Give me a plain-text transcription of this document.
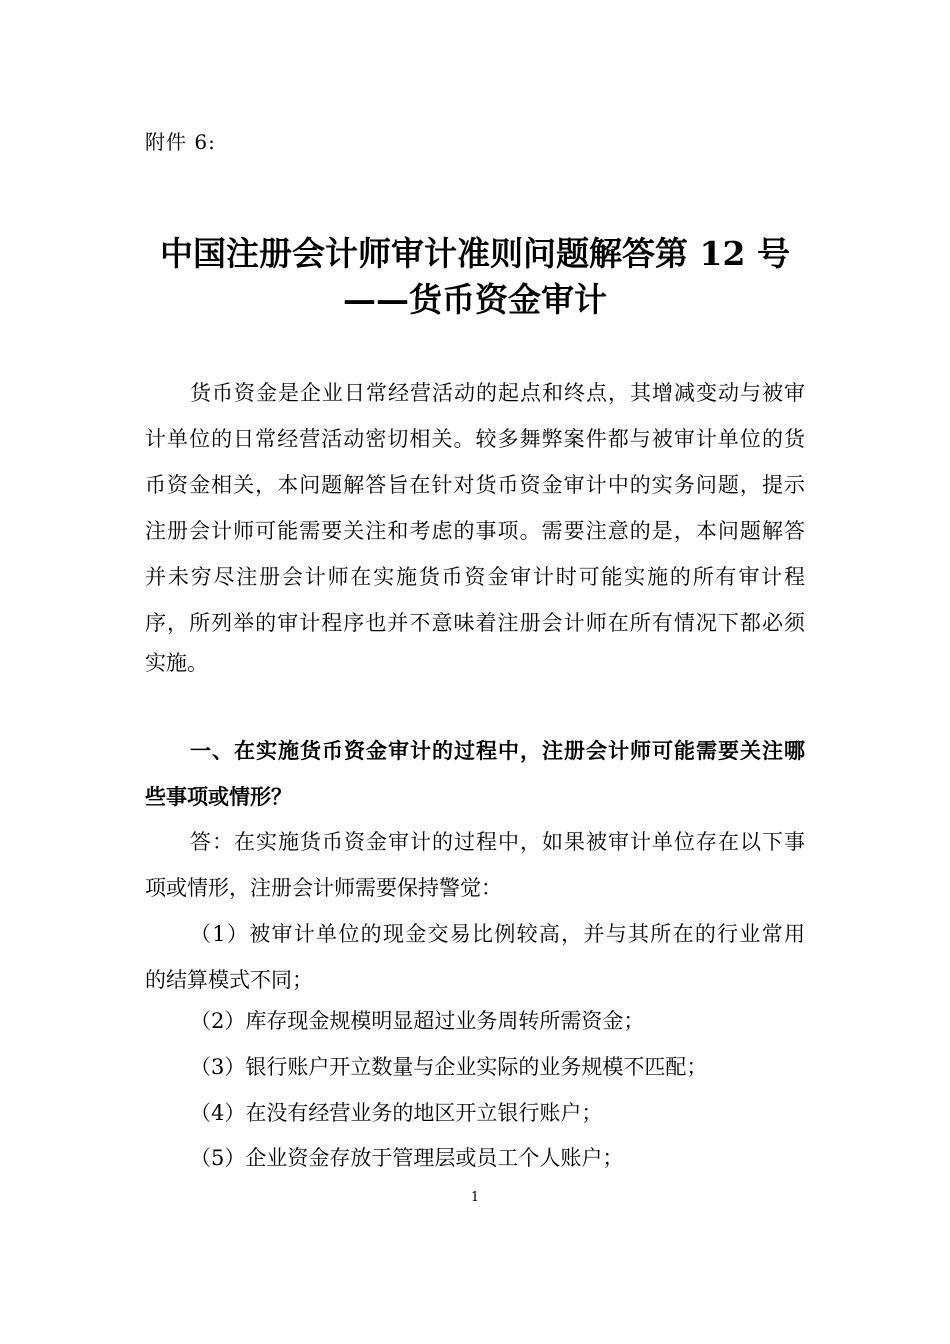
附件 6:
中国注册会计师审计准则问题解答第 12 号
——货币资金审计
货币资金是企业日常经营活动的起点和终点，其增减变动与被审
计单位的日常经营活动密切相关。较多舞弊案件都与被审计单位的货
币资金相关，本问题解答旨在针对货币资金审计中的实务问题，提示
注册会计师可能需要关注和考虑的事项。需要注意的是，本问题解答
并未穷尽注册会计师在实施货币资金审计时可能实施的所有审计程
序，所列举的审计程序也并不意味着注册会计师在所有情况下都必须
实施。
一、在实施货币资金审计的过程中，注册会计师可能需要关注哪
些事项或情形？
答：在实施货币资金审计的过程中，如果被审计单位存在以下事
项或情形，注册会计师需要保持警觉：
（1）被审计单位的现金交易比例较高，并与其所在的行业常用
的结算模式不同；
（2）库存现金规模明显超过业务周转所需资金；
（3）银行账户开立数量与企业实际的业务规模不匹配；
（4）在没有经营业务的地区开立银行账户；
（5）企业资金存放于管理层或员工个人账户；
1
